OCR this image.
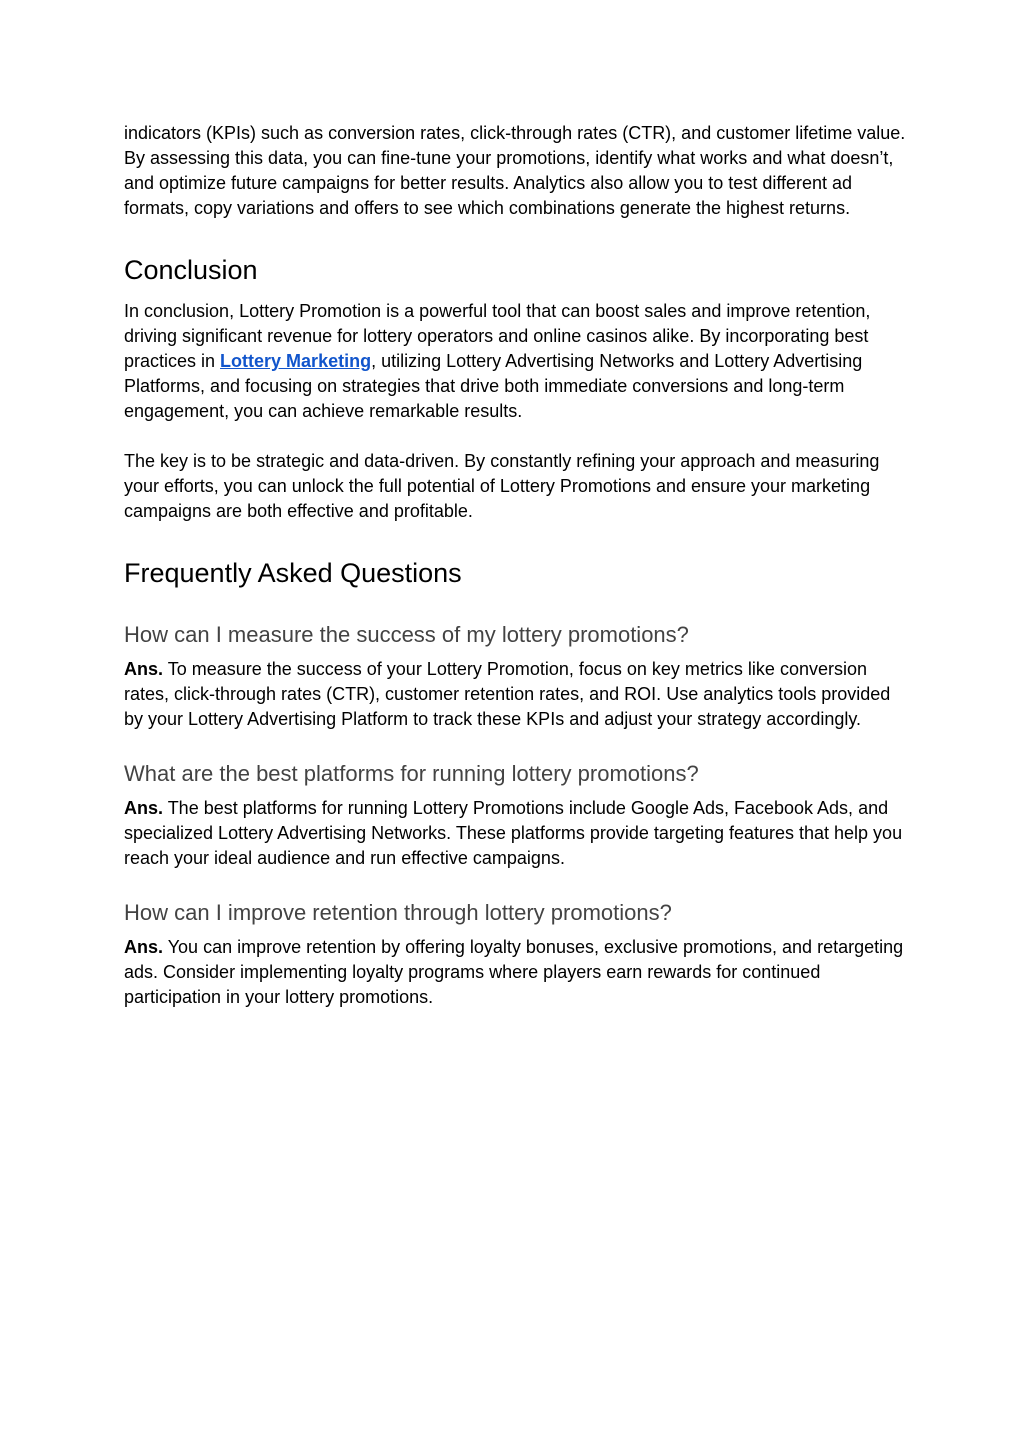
indicators (KPIs) such as conversion rates, click-through rates (CTR), and customer lifetime value.

By assessing this data, you can fine-tune your promotions, identify what works and what doesn’t, and optimize future campaigns for better results. Analytics also allow you to test different ad formats, copy variations and offers to see which combinations generate the highest returns.

Conclusion

In conclusion, Lottery Promotion is a powerful tool that can boost sales and improve retention, driving significant revenue for lottery operators and online casinos alike. By incorporating best practices in Lottery Marketing, utilizing Lottery Advertising Networks and Lottery Advertising Platforms, and focusing on strategies that drive both immediate conversions and long-term engagement, you can achieve remarkable results.

The key is to be strategic and data-driven. By constantly refining your approach and measuring your efforts, you can unlock the full potential of Lottery Promotions and ensure your marketing campaigns are both effective and profitable.

Frequently Asked Questions
How can I measure the success of my lottery promotions?

Ans. To measure the success of your Lottery Promotion, focus on key metrics like conversion rates, click-through rates (CTR), customer retention rates, and ROI. Use analytics tools provided by your Lottery Advertising Platform to track these KPIs and adjust your strategy accordingly.

What are the best platforms for running lottery promotions?

Ans. The best platforms for running Lottery Promotions include Google Ads, Facebook Ads, and specialized Lottery Advertising Networks. These platforms provide targeting features that help you reach your ideal audience and run effective campaigns.

How can I improve retention through lottery promotions?

Ans. You can improve retention by offering loyalty bonuses, exclusive promotions, and retargeting ads. Consider implementing loyalty programs where players earn rewards for continued participation in your lottery promotions.
